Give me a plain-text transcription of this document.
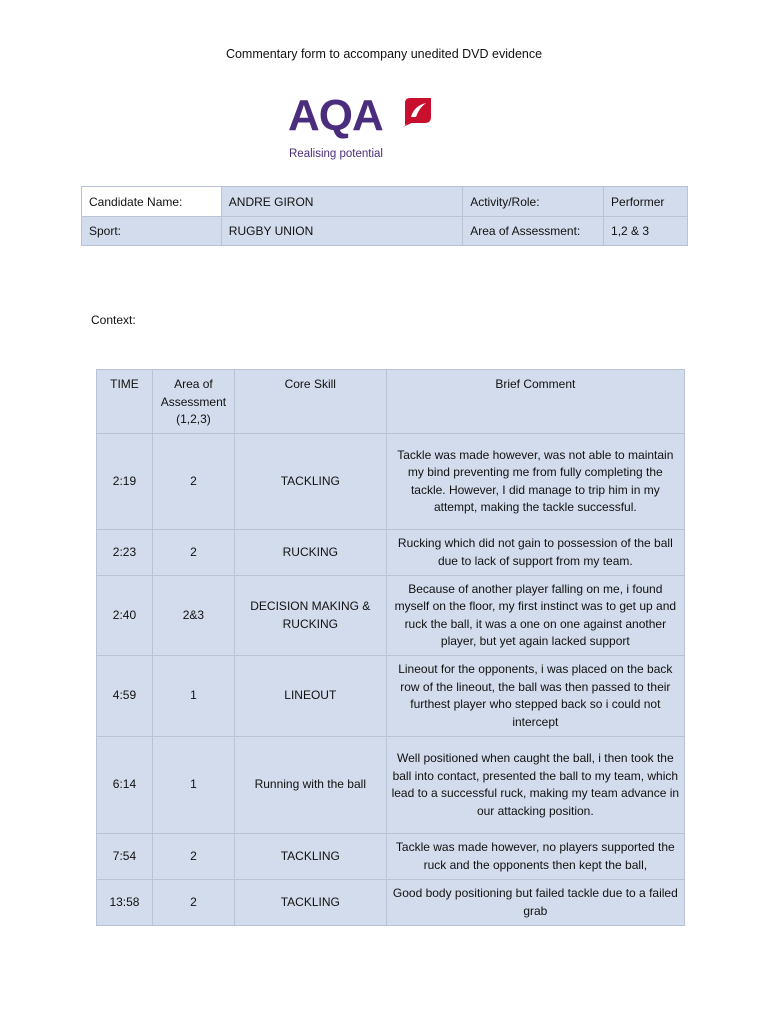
Commentary form to accompany unedited DVD evidence
AQA
Realising potential
Candidate Name:	ANDRE GIRON	Activity/Role:	Performer
Sport:	RUGBY UNION	Area of Assessment:	1,2 & 3
Context:
TIME	Area of Assessment (1,2,3)	Core Skill	Brief Comment
2:19	2	TACKLING	Tackle was made however, was not able to maintain my bind preventing me from fully completing the tackle. However, I did manage to trip him in my attempt, making the tackle successful.
2:23	2	RUCKING	Rucking which did not gain to possession of the ball due to lack of support from my team.
2:40	2&3	DECISION MAKING & RUCKING	Because of another player falling on me, i found myself on the floor, my first instinct was to get up and ruck the ball, it was a one on one against another player, but yet again lacked support
4:59	1	LINEOUT	Lineout for the opponents, i was placed on the back row of the lineout, the ball was then passed to their furthest player who stepped back so i could not intercept
6:14	1	Running with the ball	Well positioned when caught the ball, i then took the ball into contact, presented the ball to my team, which lead to a successful ruck, making my team advance in our attacking position.
7:54	2	TACKLING	Tackle was made however, no players supported the ruck and the opponents then kept the ball,
13:58	2	TACKLING	Good body positioning but failed tackle due to a failed grab
